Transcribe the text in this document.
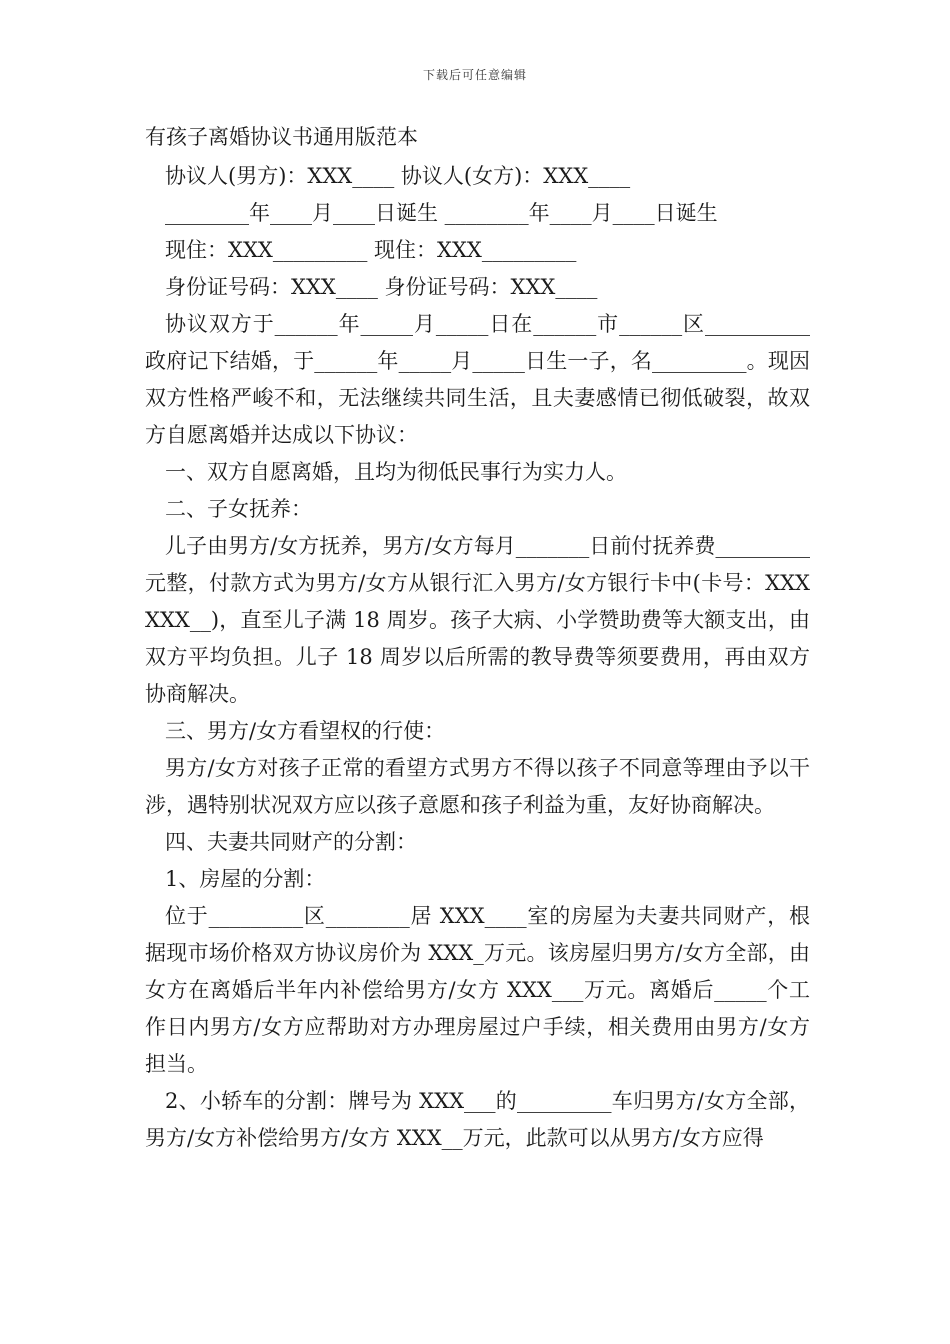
下载后可任意编辑
有孩子离婚协议书通用版范本

协议人(男方)：XXX____ 协议人(女方)：XXX____

________年____月____日诞生 ________年____月____日诞生

现住：XXX_________ 现住：XXX_________

身份证号码：XXX____ 身份证号码：XXX____

协议双方于______年_____月_____日在______市______区__________政府记下结婚，于______年_____月_____日生一子，名_________。现因双方性格严峻不和，无法继续共同生活，且夫妻感情已彻低破裂，故双方自愿离婚并达成以下协议：

一、双方自愿离婚，且均为彻低民事行为实力人。

二、子女抚养：

儿子由男方/女方抚养，男方/女方每月_______日前付抚养费_________元整，付款方式为男方/女方从银行汇入男方/女方银行卡中(卡号：XXXXXX__)，直至儿子满 18 周岁。孩子大病、小学赞助费等大额支出，由双方平均负担。儿子 18 周岁以后所需的教导费等须要费用，再由双方协商解决。

三、男方/女方看望权的行使：

男方/女方对孩子正常的看望方式男方不得以孩子不同意等理由予以干涉，遇特别状况双方应以孩子意愿和孩子利益为重，友好协商解决。

四、夫妻共同财产的分割：

1、房屋的分割：

位于_________区________居 XXX____室的房屋为夫妻共同财产，根据现市场价格双方协议房价为 XXX_万元。该房屋归男方/女方全部，由女方在离婚后半年内补偿给男方/女方 XXX___万元。离婚后_____个工作日内男方/女方应帮助对方办理房屋过户手续，相关费用由男方/女方担当。

2、小轿车的分割：牌号为 XXX___的_________车归男方/女方全部，男方/女方补偿给男方/女方 XXX__万元，此款可以从男方/女方应得
